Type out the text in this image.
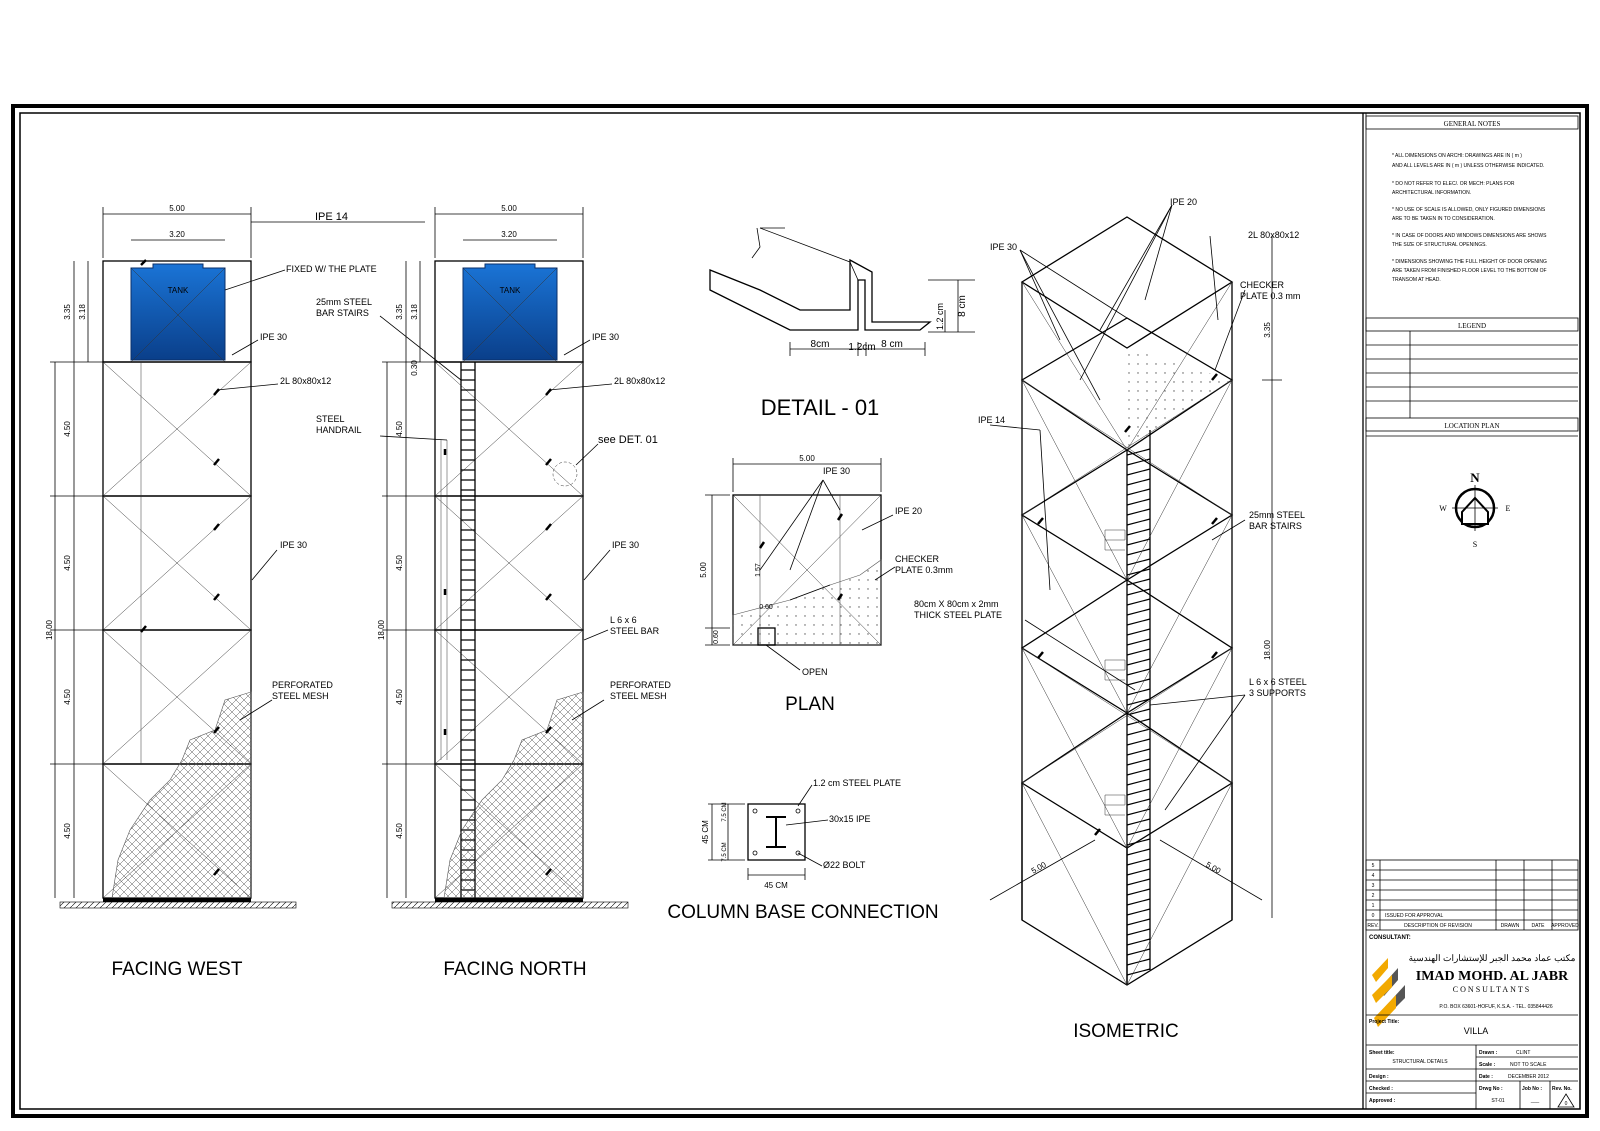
5.00
3.20
IPE 14
TANK
3.35 3.18
4.50
4.50
4.50
4.50
18.00
FIXED W/ THE PLATE
IPE 30
2L 80x80x12
IPE 30
PERFORATED
STEEL MESH
FACING WEST
5.00
3.20
TANK
3.35 3.18
0.30
4.50
4.50
4.50
4.50
18.00
25mm STEEL
BAR STAIRS
STEEL
HANDRAIL
IPE 30
2L 80x80x12
see DET. 01
IPE 30
L 6 x 6
STEEL BAR
PERFORATED
STEEL MESH
FACING NORTH
8cm 1.2cm 8 cm
1.2 cm 8 cm
DETAIL - 01
5.00
5.00
0.60
1.57
0.60
IPE 30
IPE 20
CHECKER
PLATE 0.3mm
OPEN
PLAN
45 CM
45 CM
7.5 CM
7.5 CM
1.2 cm STEEL PLATE
30x15 IPE
Ø22 BOLT
COLUMN BASE CONNECTION
IPE 20
IPE 30
2L 80x80x12
CHECKER
PLATE 0.3 mm
IPE 14
25mm STEEL
BAR STAIRS
80cm X 80cm x 2mm
THICK STEEL PLATE
L 6 x 6 STEEL
3 SUPPORTS
3.35
18.00
5.00	5.00
ISOMETRIC
GENERAL NOTES
* ALL DIMENSIONS ON ARCHI: DRAWINGS ARE IN ( m )
AND ALL LEVELS ARE IN ( m ) UNLESS OTHERWISE INDICATED.
* DO NOT REFER TO ELEC/. OR MECH: PLANS FOR
ARCHITECTURAL INFORMATION.
* NO USE OF SCALE IS ALLOWED, ONLY FIGURED DIMENSIONS
ARE TO BE TAKEN IN TO CONSIDERATION.
* IN CASE OF DOORS AND WINDOWS DIMENSIONS ARE SHOWS
THE SIZE OF STRUCTURAL OPENINGS.
* DIMENSIONS SHOWING THE FULL HEIGHT OF DOOR OPENING
ARE TAKEN FROM FINISHED FLOOR LEVEL TO THE BOTTOM OF
TRANSOM AT HEAD.
LEGEND
LOCATION PLAN
N
S
E
W
5
4
3
2
1
0 ISSUED FOR APPROVAL
REV.	DESCRIPTION OF REVISION	DRAWN DATE APPROVED
CONSULTANT:
مكتب عماد محمد الجبر للإستشارات الهندسية
IMAD MOHD. AL JABR
CONSULTANTS
P.O. BOX 63601-HOFUF, K.S.A. - TEL. 035844426
Project Title:
VILLA
Sheet title:
STRUCTURAL DETAILS
Design :
Checked :
Approved :
Drawn :	CLINT
Scale :	NOT TO SCALE
Date :	DECEMBER 2012
Drwg No :
ST-01
Job No :
___
Rev. No.
0
